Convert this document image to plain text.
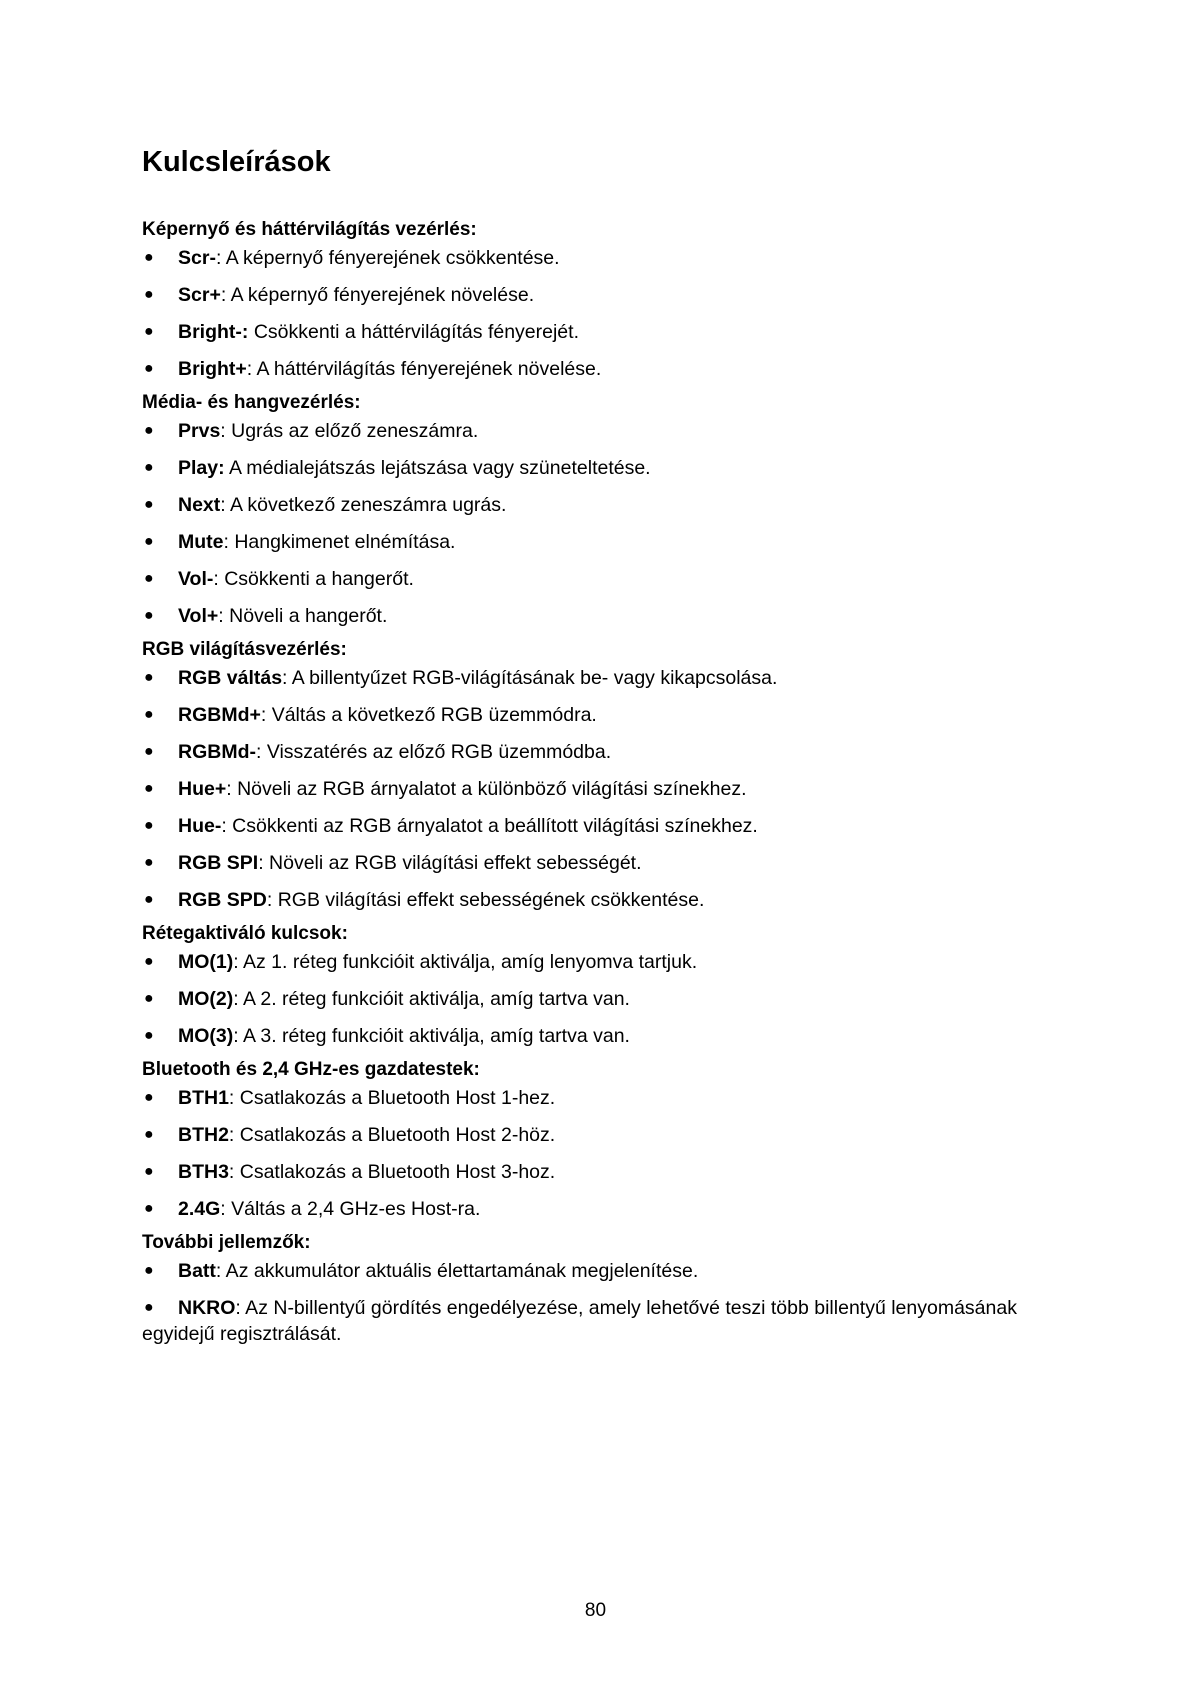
Kulcsleírások
Képernyő és háttérvilágítás vezérlés:
● Scr-: A képernyő fényerejének csökkentése.
● Scr+: A képernyő fényerejének növelése.
● Bright-: Csökkenti a háttérvilágítás fényerejét.
● Bright+: A háttérvilágítás fényerejének növelése.
Média- és hangvezérlés:
● Prvs: Ugrás az előző zeneszámra.
● Play: A médialejátszás lejátszása vagy szüneteltetése.
● Next: A következő zeneszámra ugrás.
● Mute: Hangkimenet elnémítása.
● Vol-: Csökkenti a hangerőt.
● Vol+: Növeli a hangerőt.
RGB világításvezérlés:
● RGB váltás: A billentyűzet RGB-világításának be- vagy kikapcsolása.
● RGBMd+: Váltás a következő RGB üzemmódra.
● RGBMd-: Visszatérés az előző RGB üzemmódba.
● Hue+: Növeli az RGB árnyalatot a különböző világítási színekhez.
● Hue-: Csökkenti az RGB árnyalatot a beállított világítási színekhez.
● RGB SPI: Növeli az RGB világítási effekt sebességét.
● RGB SPD: RGB világítási effekt sebességének csökkentése.
Rétegaktiváló kulcsok:
● MO(1): Az 1. réteg funkcióit aktiválja, amíg lenyomva tartjuk.
● MO(2): A 2. réteg funkcióit aktiválja, amíg tartva van.
● MO(3): A 3. réteg funkcióit aktiválja, amíg tartva van.
Bluetooth és 2,4 GHz-es gazdatestek:
● BTH1: Csatlakozás a Bluetooth Host 1-hez.
● BTH2: Csatlakozás a Bluetooth Host 2-höz.
● BTH3: Csatlakozás a Bluetooth Host 3-hoz.
● 2.4G: Váltás a 2,4 GHz-es Host-ra.
További jellemzők:
● Batt: Az akkumulátor aktuális élettartamának megjelenítése.
● NKRO: Az N-billentyű gördítés engedélyezése, amely lehetővé teszi több billentyű lenyomásának egyidejű regisztrálását.
80
